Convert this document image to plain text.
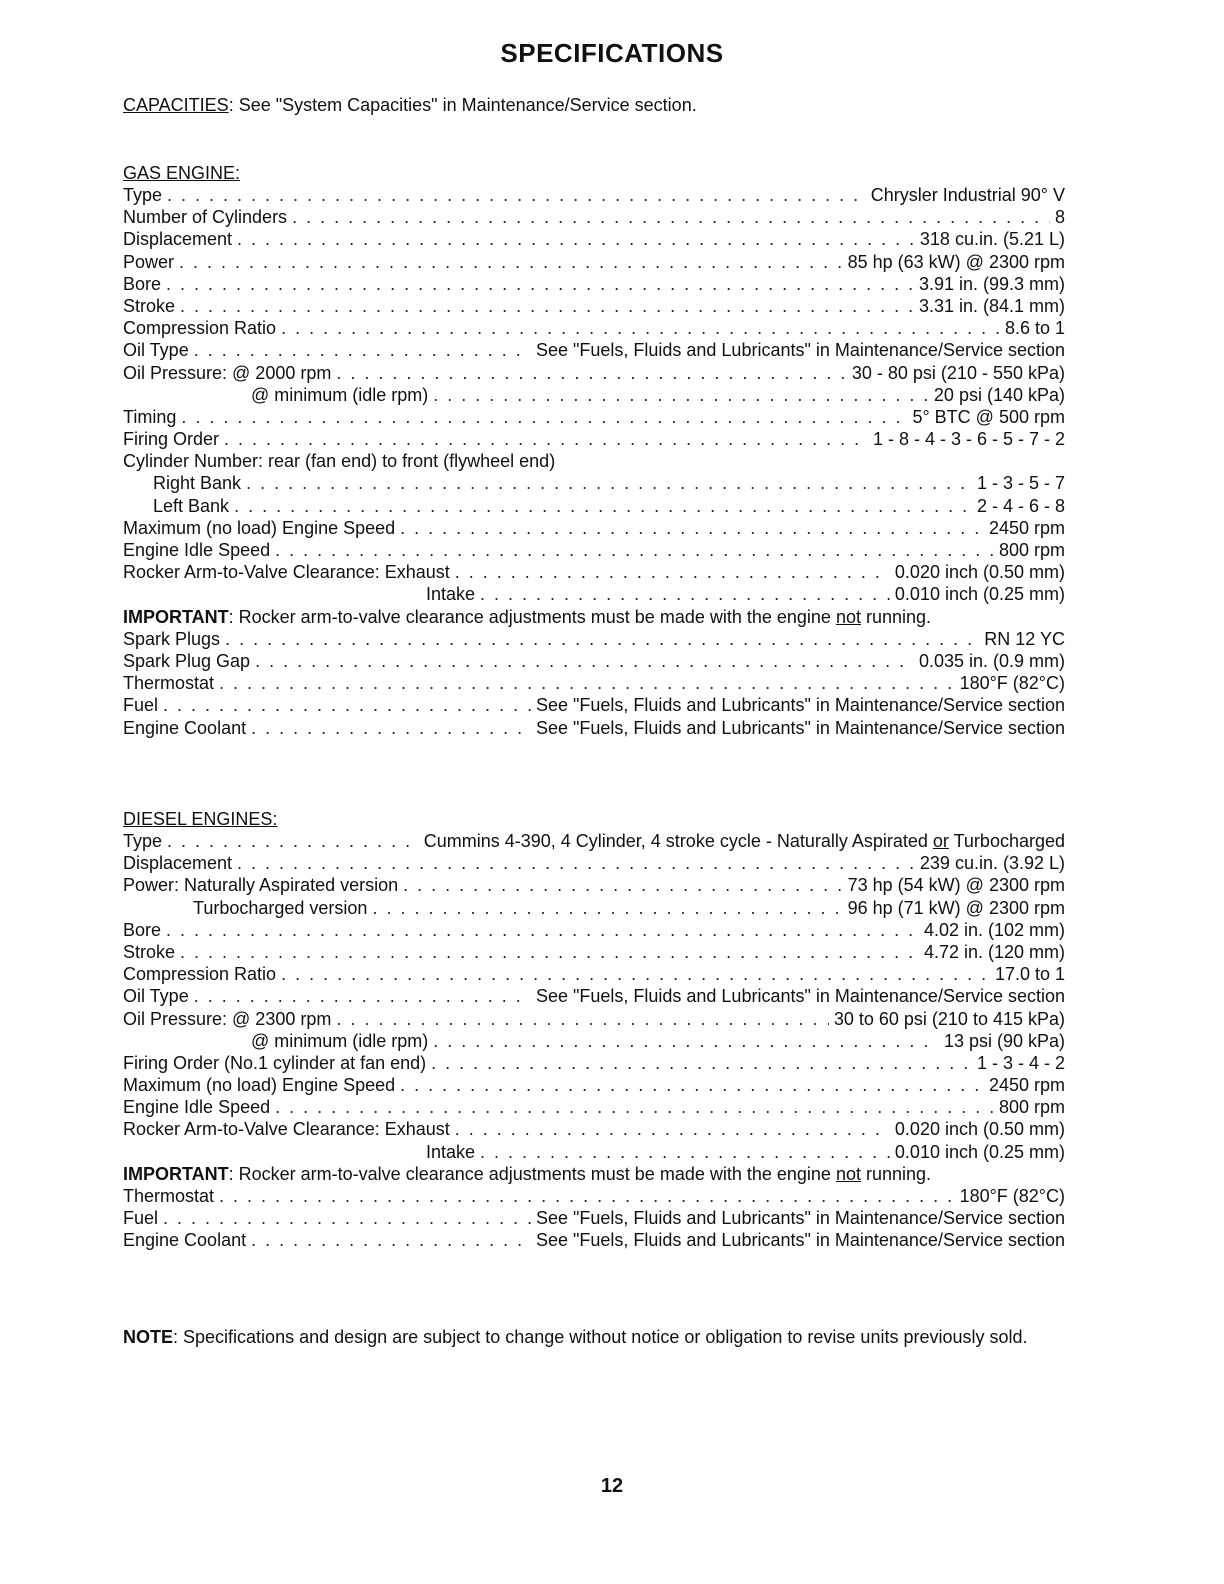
SPECIFICATIONS
CAPACITIES: See "System Capacities" in Maintenance/Service section.
GAS ENGINE:
Type . . .	Chrysler Industrial 90° V
Number of Cylinders . . .	8
Displacement . . .	318 cu.in. (5.21 L)
Power . . .	85 hp (63 kW) @ 2300 rpm
Bore . . .	3.91 in. (99.3 mm)
Stroke . . .	3.31 in. (84.1 mm)
Compression Ratio . . .	8.6 to 1
Oil Type . . .	See "Fuels, Fluids and Lubricants" in Maintenance/Service section
Oil Pressure: @ 2000 rpm . . .	30 - 80 psi (210 - 550 kPa)
@ minimum (idle rpm) . . .	20 psi (140 kPa)
Timing . . .	5° BTC @ 500 rpm
Firing Order . . .	1 - 8 - 4 - 3 - 6 - 5 - 7 - 2
Cylinder Number: rear (fan end) to front (flywheel end)
Right Bank . . .	1 - 3 - 5 - 7
Left Bank . . .	2 - 4 - 6 - 8
Maximum (no load) Engine Speed . . .	2450 rpm
Engine Idle Speed . . .	800 rpm
Rocker Arm-to-Valve Clearance: Exhaust . . .	0.020 inch (0.50 mm)
Intake . . .	0.010 inch (0.25 mm)
IMPORTANT: Rocker arm-to-valve clearance adjustments must be made with the engine not running.
Spark Plugs . . .	RN 12 YC
Spark Plug Gap . . .	0.035 in. (0.9 mm)
Thermostat . . .	180°F (82°C)
Fuel . . .	See "Fuels, Fluids and Lubricants" in Maintenance/Service section
Engine Coolant . . .	See "Fuels, Fluids and Lubricants" in Maintenance/Service section
DIESEL ENGINES:
Type . . .	Cummins 4-390, 4 Cylinder, 4 stroke cycle - Naturally Aspirated or Turbocharged
Displacement . . .	239 cu.in. (3.92 L)
Power: Naturally Aspirated version . . .	73 hp (54 kW) @ 2300 rpm
Turbocharged version . . .	96 hp (71 kW) @ 2300 rpm
Bore . . .	4.02 in. (102 mm)
Stroke . . .	4.72 in. (120 mm)
Compression Ratio . . .	17.0 to 1
Oil Type . . .	See "Fuels, Fluids and Lubricants" in Maintenance/Service section
Oil Pressure: @ 2300 rpm . . .	30 to 60 psi (210 to 415 kPa)
@ minimum (idle rpm) . . .	13 psi (90 kPa)
Firing Order (No.1 cylinder at fan end) . . .	1 - 3 - 4 - 2
Maximum (no load) Engine Speed . . .	2450 rpm
Engine Idle Speed . . .	800 rpm
Rocker Arm-to-Valve Clearance: Exhaust . . .	0.020 inch (0.50 mm)
Intake . . .	0.010 inch (0.25 mm)
IMPORTANT: Rocker arm-to-valve clearance adjustments must be made with the engine not running.
Thermostat . . .	180°F (82°C)
Fuel . . .	See "Fuels, Fluids and Lubricants" in Maintenance/Service section
Engine Coolant . . .	See "Fuels, Fluids and Lubricants" in Maintenance/Service section
NOTE: Specifications and design are subject to change without notice or obligation to revise units previously sold.
12
